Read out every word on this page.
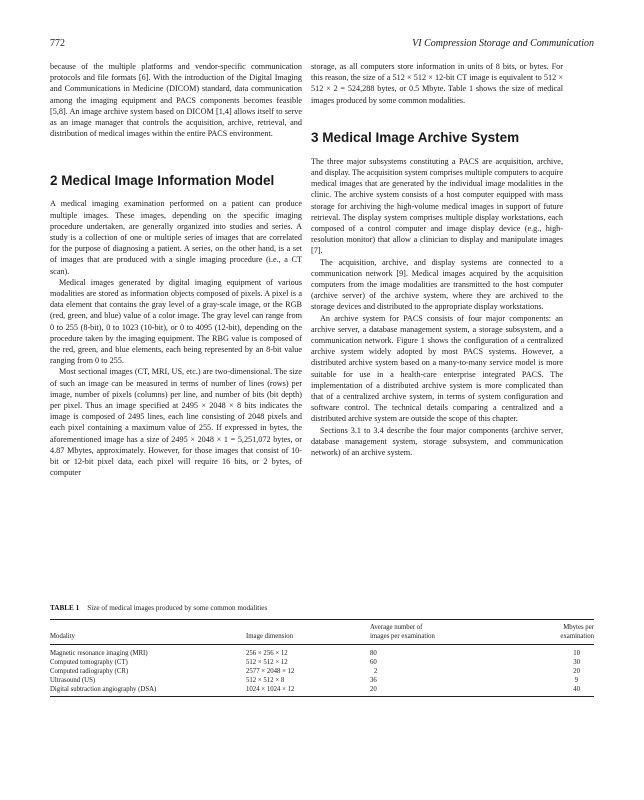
772	VI Compression Storage and Communication

because of the multiple platforms and vendor-specific communication protocols and file formats [6]. With the introduction of the Digital Imaging and Communications in Medicine (DICOM) standard, data communication among the imaging equipment and PACS components becomes feasible [5,8]. An image archive system based on DICOM [1,4] allows itself to serve as an image manager that controls the acquisition, archive, retrieval, and distribution of medical images within the entire PACS environment.

2 Medical Image Information Model

A medical imaging examination performed on a patient can produce multiple images. These images, depending on the specific imaging procedure undertaken, are generally organized into studies and series. A study is a collection of one or multiple series of images that are correlated for the purpose of diagnosing a patient. A series, on the other hand, is a set of images that are produced with a single imaging procedure (i.e., a CT scan).

Medical images generated by digital imaging equipment of various modalities are stored as information objects composed of pixels. A pixel is a data element that contains the gray level of a gray-scale image, or the RGB (red, green, and blue) value of a color image. The gray level can range from 0 to 255 (8-bit), 0 to 1023 (10-bit), or 0 to 4095 (12-bit), depending on the procedure taken by the imaging equipment. The RBG value is composed of the red, green, and blue elements, each being represented by an 8-bit value ranging from 0 to 255.

Most sectional images (CT, MRI, US, etc.) are two-dimensional. The size of such an image can be measured in terms of number of lines (rows) per image, number of pixels (columns) per line, and number of bits (bit depth) per pixel. Thus an image specified at 2495 × 2048 × 8 bits indicates the image is composed of 2495 lines, each line consisting of 2048 pixels and each pixel containing a maximum value of 255. If expressed in bytes, the aforementioned image has a size of 2495 × 2048 × 1 = 5,251,072 bytes, or 4.87 Mbytes, approximately. However, for those images that consist of 10-bit or 12-bit pixel data, each pixel will require 16 bits, or 2 bytes, of computer

storage, as all computers store information in units of 8 bits, or bytes. For this reason, the size of a 512 × 512 × 12-bit CT image is equivalent to 512 × 512 × 2 = 524,288 bytes, or 0.5 Mbyte. Table 1 shows the size of medical images produced by some common modalities.

3 Medical Image Archive System

The three major subsystems constituting a PACS are acquisition, archive, and display. The acquisition system comprises multiple computers to acquire medical images that are generated by the individual image modalities in the clinic. The archive system consists of a host computer equipped with mass storage for archiving the high-volume medical images in support of future retrieval. The display system comprises multiple display workstations, each composed of a control computer and image display device (e.g., high-resolution monitor) that allow a clinician to display and manipulate images [7].

The acquisition, archive, and display systems are connected to a communication network [9]. Medical images acquired by the acquisition computers from the image modalities are transmitted to the host computer (archive server) of the archive system, where they are archived to the storage devices and distributed to the appropriate display workstations.

An archive system for PACS consists of four major components: an archive server, a database management system, a storage subsystem, and a communication network. Figure 1 shows the configuration of a centralized archive system widely adopted by most PACS systems. However, a distributed archive system based on a many-to-many service model is more suitable for use in a health-care enterprise integrated PACS. The implementation of a distributed archive system is more complicated than that of a centralized archive system, in terms of system configuration and software control. The technical details comparing a centralized and a distributed archive system are outside the scope of this chapter.

Sections 3.1 to 3.4 describe the four major components (archive server, database management system, storage subsystem, and communication network) of an archive system.

TABLE 1 Size of medical images produced by some common modalities
		Average number of	Mbytes per
Modality	Image dimension	images per examination	examination
Magnetic resonance imaging (MRI)	256 × 256 × 12	80	10
Computed tomography (CT)	512 × 512 × 12	60	30
Computed radiography (CR)	2577 × 2048 × 12	2	20
Ultrasound (US)	512 × 512 × 8	36	9
Digital subtraction angiography (DSA)	1024 × 1024 × 12	20	40
